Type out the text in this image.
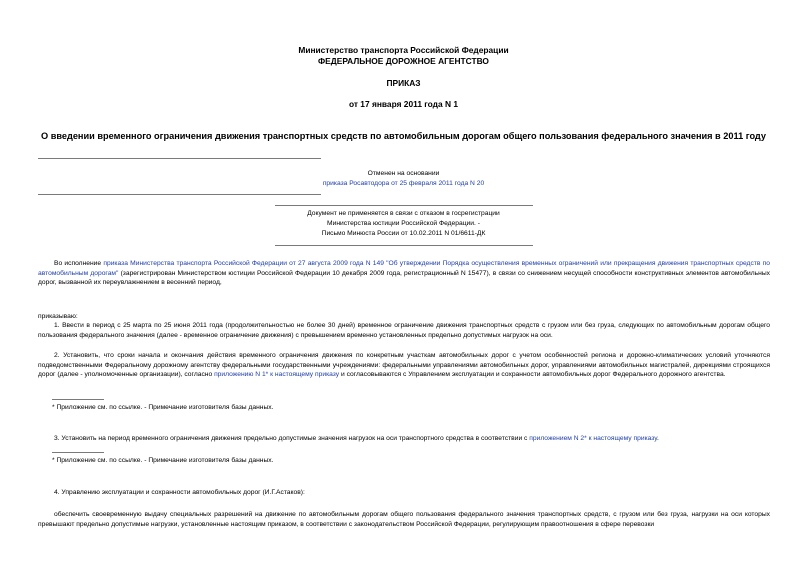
Министерство транспорта Российской Федерации
ФЕДЕРАЛЬНОЕ ДОРОЖНОЕ АГЕНТСТВО
ПРИКАЗ
от 17 января 2011 года N 1
О введении временного ограничения движения транспортных средств по автомобильным дорогам общего пользования федерального значения в 2011 году
Отменен на основании
приказа Росавтодора от 25 февраля 2011 года N 20
Документ не применяется в связи с отказом в госрегистрации
Министерства юстиции Российской Федерации. -
Письмо Минюста России от 10.02.2011 N 01/6611-ДК
Во исполнение приказа Министерства транспорта Российской Федерации от 27 августа 2009 года N 149 "Об утверждении Порядка осуществления временных ограничений или прекращения движения транспортных средств по автомобильным дорогам" (зарегистрирован Министерством юстиции Российской Федерации 10 декабря 2009 года, регистрационный N 15477), в связи со снижением несущей способности конструктивных элементов автомобильных дорог, вызванной их переувлажнением в весенний период,
приказываю:
1. Ввести в период с 25 марта по 25 июня 2011 года (продолжительностью не более 30 дней) временное ограничение движения транспортных средств с грузом или без груза, следующих по автомобильным дорогам общего пользования федерального значения (далее - временное ограничение движения) с превышением временно установленных предельно допустимых нагрузок на оси.
2. Установить, что сроки начала и окончания действия временного ограничения движения по конкретным участкам автомобильных дорог с учетом особенностей региона и дорожно-климатических условий уточняются подведомственными Федеральному дорожному агентству федеральными государственными учреждениями: федеральными управлениями автомобильных дорог, управлениями автомобильных магистралей, дирекциями строящихся дорог (далее - уполномоченные организации), согласно приложению N 1* к настоящему приказу и согласовываются с Управлением эксплуатации и сохранности автомобильных дорог Федерального дорожного агентства.
* Приложение см. по ссылке. - Примечание изготовителя базы данных.
3. Установить на период временного ограничения движения предельно допустимые значения нагрузок на оси транспортного средства в соответствии с приложением N 2* к настоящему приказу.
* Приложение см. по ссылке. - Примечание изготовителя базы данных.
4. Управлению эксплуатации и сохранности автомобильных дорог (И.Г.Астаков):
обеспечить своевременную выдачу специальных разрешений на движение по автомобильным дорогам общего пользования федерального значения транспортных средств, с грузом или без груза, нагрузки на оси которых превышают предельно допустимые нагрузки, установленные настоящим приказом, в соответствии с законодательством Российской Федерации, регулирующим правоотношения в сфере перевозки
